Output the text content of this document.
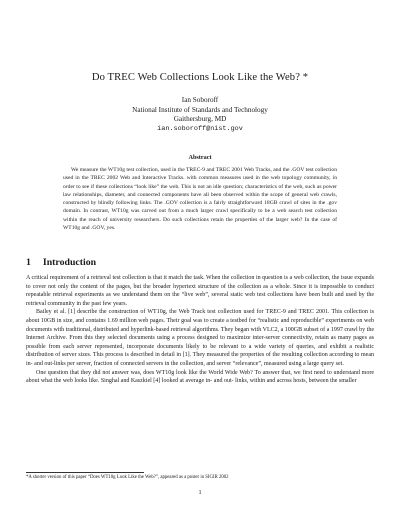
Do TREC Web Collections Look Like the Web? *
Ian Soboroff
National Institute of Standards and Technology
Gaithersburg, MD
ian.soboroff@nist.gov
Abstract
We measure the WT10g test collection, used in the TREC-9 and TREC 2001 Web Tracks, and the .GOV test collection used in the TREC 2002 Web and Interactive Tracks. with common measures used in the web topology community, in order to see if these collections “look like” the web. This is not an idle question; characteristics of the web, such as power law relationships, diameter, and connected components have all been observed within the scope of general web crawls, constructed by blindly following links. The .GOV collection is a fairly straightforward 18GB crawl of sites in the .gov domain. In contrast, WT10g was carved out from a much larger crawl specifically to be a web search test collection within the reach of university researchers. Do such collections retain the properties of the larger web? In the case of WT10g and .GOV, yes.
1 Introduction

A critical requirement of a retrieval test collection is that it match the task. When the collection in question is a web collection, the issue expands to cover not only the content of the pages, but the broader hypertext structure of the collection as a whole. Since it is impossible to conduct repeatable retrieval experiments as we understand them on the “live web”, several static web test collections have been built and used by the retrieval community in the past few years.

Bailey et al. [1] describe the construction of WT10g, the Web Track test collection used for TREC-9 and TREC 2001. This collection is about 10GB in size, and contains 1.69 million web pages. Their goal was to create a testbed for “realistic and reproducible” experiments on web documents with traditional, distributed and hyperlink-based retrieval algorithms. They began with VLC2, a 100GB subset of a 1997 crawl by the Internet Archive. From this they selected documents using a process designed to maximize inter-server connectivity, retain as many pages as possible from each server represented, incorporate documents likely to be relevant to a wide variety of queries, and exhibit a realistic distribution of server sizes. This process is described in detail in [1]. They measured the properties of the resulting collection according to mean in- and out-links per server, fraction of connected servers in the collection, and server “relevance”, measured using a large query set.

One question that they did not answer was, does WT10g look like the World Wide Web? To answer that, we first need to understand more about what the web looks like. Singhal and Kaszkiel [4] looked at average in- and out- links, within and across hosts, between the smaller

*A shorter version of this paper “Does WT10g Look Like the Web?”, appeared as a poster in SIGIR 2002
1
